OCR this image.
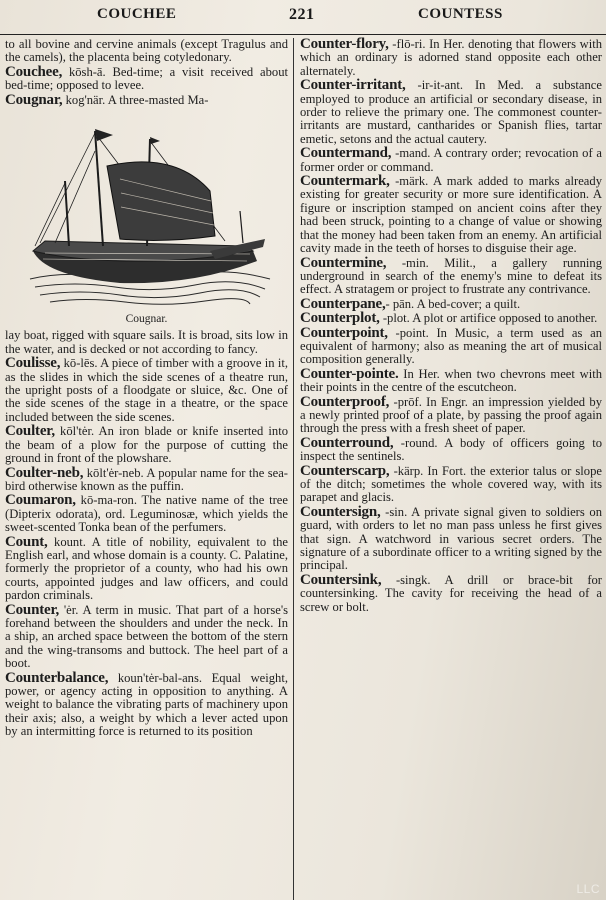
COUCHEE	221	COUNTESS

to all bovine and cervine animals (except Tragulus and the camels), the placenta being cotyledonary.

Couchee, kōsh-ā. Bed-time; a visit received about bed-time; opposed to levee.

Cougnar, kog'när. A three-masted Ma-

Cougnar.

lay boat, rigged with square sails. It is broad, sits low in the water, and is decked or not according to fancy.

Coulisse, kō-lēs. A piece of timber with a groove in it, as the slides in which the side scenes of a theatre run, the upright posts of a floodgate or sluice, &c. One of the side scenes of the stage in a theatre, or the space included between the side scenes.

Coulter, kōl'tėr. An iron blade or knife inserted into the beam of a plow for the purpose of cutting the ground in front of the plowshare.

Coulter-neb, kōlt'ėr-neb. A popular name for the sea-bird otherwise known as the puffin.

Coumaron, kō-ma-ron. The native name of the tree (Dipterix odorata), ord. Leguminosæ, which yields the sweet-scented Tonka bean of the perfumers.

Count, kount. A title of nobility, equivalent to the English earl, and whose domain is a county. C. Palatine, formerly the proprietor of a county, who had his own courts, appointed judges and law officers, and could pardon criminals.

Counter, 'ėr. A term in music. That part of a horse's forehand between the shoulders and under the neck. In a ship, an arched space between the bottom of the stern and the wing-transoms and buttock. The heel part of a boot.

Counterbalance, koun'tėr-bal-ans. Equal weight, power, or agency acting in opposition to anything. A weight to balance the vibrating parts of machinery upon their axis; also, a weight by which a lever acted upon by an intermitting force is returned to its position

Counter-flory, -flō-ri. In Her. denoting that flowers with which an ordinary is adorned stand opposite each other alternately.

Counter-irritant, -ir-it-ant. In Med. a substance employed to produce an artificial or secondary disease, in order to relieve the primary one. The commonest counter-irritants are mustard, cantharides or Spanish flies, tartar emetic, setons and the actual cautery.

Countermand, -mand. A contrary order; revocation of a former order or command.

Countermark, -märk. A mark added to marks already existing for greater security or more sure identification. A figure or inscription stamped on ancient coins after they had been struck, pointing to a change of value or showing that the money had been taken from an enemy. An artificial cavity made in the teeth of horses to disguise their age.

Countermine, -min. Milit., a gallery running underground in search of the enemy's mine to defeat its effect. A stratagem or project to frustrate any contrivance.

Counterpane,- pān. A bed-cover; a quilt.

Counterplot, -plot. A plot or artifice opposed to another.

Counterpoint, -point. In Music, a term used as an equivalent of harmony; also as meaning the art of musical composition generally.

Counter-pointe. In Her. when two chevrons meet with their points in the centre of the escutcheon.

Counterproof, -prōf. In Engr. an impression yielded by a newly printed proof of a plate, by passing the proof again through the press with a fresh sheet of paper.

Counterround, -round. A body of officers going to inspect the sentinels.

Counterscarp, -kärp. In Fort. the exterior talus or slope of the ditch; sometimes the whole covered way, with its parapet and glacis.

Countersign, -sin. A private signal given to soldiers on guard, with orders to let no man pass unless he first gives that sign. A watchword in various secret orders. The signature of a subordinate officer to a writing signed by the principal.

Countersink, -singk. A drill or brace-bit for countersinking. The cavity for receiving the head of a screw or bolt.

LLC
